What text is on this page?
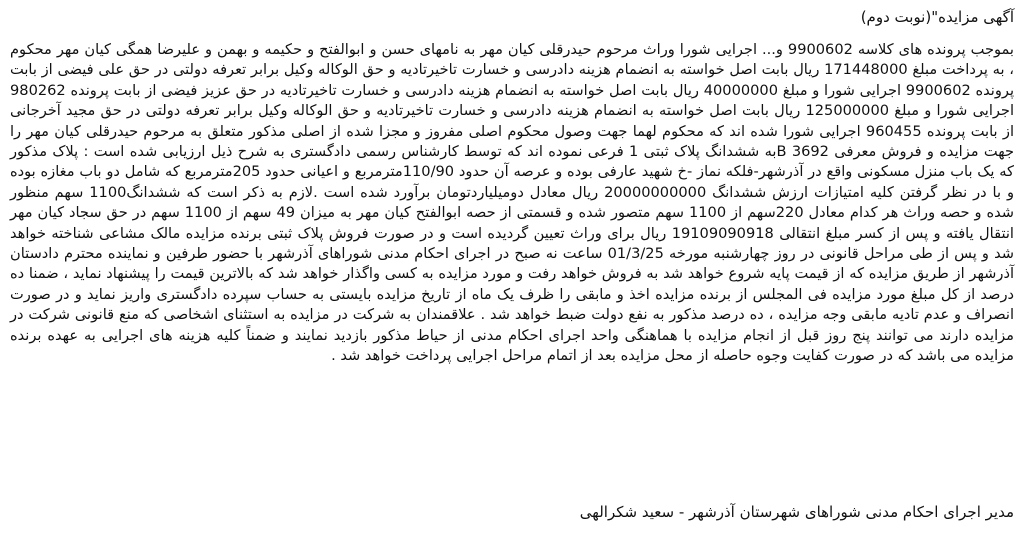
آگهی مزایده"(نوبت دوم)

بموجب پرونده های کلاسه 9900602 و... اجرایی شورا وراث مرحوم حیدرقلی کیان مهر به نامهای حسن و ابوالفتح و حکیمه و بهمن و علیرضا همگی کیان مهر محکوم ، به پرداخت مبلغ 171448000 ریال بابت اصل خواسته به انضمام هزینه دادرسی و خسارت تاخیرتادیه و حق الوکاله وکیل برابر تعرفه دولتی در حق علی فیضی از بابت پرونده 9900602 اجرایی شورا و مبلغ 40000000 ریال بابت اصل خواسته به انضمام هزینه دادرسی و خسارت تاخیرتادیه در حق عزیز فیضی از بابت پرونده 980262 اجرایی شورا و مبلغ 125000000 ریال بابت اصل خواسته به انضمام هزینه دادرسی و خسارت تاخیرتادیه و حق الوکاله وکیل برابر تعرفه دولتی در حق مجید آخرجانی از بابت پرونده 960455 اجرایی شورا شده اند که محکوم لهما جهت وصول محکوم اصلی مفروز و مجزا شده از اصلی مذکور متعلق به مرحوم حیدرقلی کیان مهر را جهت مزایده و فروش معرفی B 3692به ششدانگ پلاک ثبتی 1 فرعی نموده اند که توسط کارشناس رسمی دادگستری به شرح ذیل ارزیابی شده است : پلاک مذکور که یک باب منزل مسکونی واقع در آذرشهر-فلکه نماز -خ شهید عارفی بوده و عرصه آن حدود 110/90مترمربع و اعیانی حدود 205مترمربع که شامل دو باب مغازه بوده و با در نظر گرفتن کلیه امتیازات ارزش ششدانگ 20000000000 ریال معادل دومیلیاردتومان برآورد شده است .لازم به ذکر است که ششدانگ1100 سهم منظور شده و حصه وراث هر کدام معادل 220سهم از 1100 سهم متصور شده و قسمتی از حصه ابوالفتح کیان مهر به میزان 49 سهم از 1100 سهم در حق سجاد کیان مهر انتقال یافته و پس از کسر مبلغ انتقالی 19109090918 ریال برای وراث تعیین گردیده است و در صورت فروش پلاک ثبتی برنده مزایده مالک مشاعی شناخته خواهد شد و پس از طی مراحل قانونی در روز چهارشنبه مورخه 01/3/25 ساعت نه صبح در اجرای احکام مدنی شوراهای آذرشهر با حضور طرفین و نماینده محترم دادستان آذرشهر از طریق مزایده که از قیمت پایه شروع خواهد شد به فروش خواهد رفت و مورد مزایده به کسی واگذار خواهد شد که بالاترین قیمت را پیشنهاد نماید ، ضمنا ده درصد از کل مبلغ مورد مزایده فی المجلس از برنده مزایده اخذ و مابقی را ظرف یک ماه از تاریخ مزایده بایستی به حساب سپرده دادگستری واریز نماید و در صورت انصراف و عدم تادیه مابقی وجه مزایده ، ده درصد مذکور به نفع دولت ضبط خواهد شد . علاقمندان به شرکت در مزایده به استثنای اشخاصی که منع قانونی شرکت در مزایده دارند می توانند پنج روز قبل از انجام مزایده با هماهنگی واحد اجرای احکام مدنی از حیاط مذکور بازدید نمایند و ضمناً کلیه هزینه های اجرایی به عهده برنده مزایده می باشد که در صورت کفایت وجوه حاصله از محل مزایده بعد از اتمام مراحل اجرایی پرداخت خواهد شد .

مدیر اجرای احکام مدنی شوراهای شهرستان آذرشهر - سعید شکرالهی
